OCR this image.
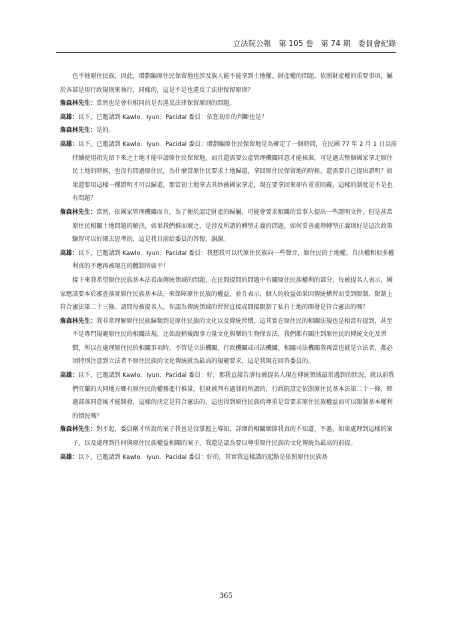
立法院公報　第 105 卷　第 74 期　委員會紀錄

色平地原住民族，因此，增劃編原住民保留地也涉及族人能不能拿到土地權、財產權的問題。依照財產權的重要事項，屬於各部是用行政規則來執行，同樣的，這是不是也違反了法律保留原則？

詹森林先生：當然也是會有相同的是否違反法律保留原則的問題。

高雄：以下，已邀請到 Kawlo．Iyun．Pacidal 委員：依您初步的判斷也是？

詹森林先生：是的。

高雄：以下，已邀請到 Kawlo．Iyun．Pacidal 委員：增劃編原住民保留地是為確定了一個時間，在民國 77 年 2 月 1 日以前持續使用祖先留下來之土地才能申請原住民保留地，而且還需要公產管理機關同意才能核准，可是過去整個國家拿走原住民土地的時候，也沒有問過原住民，為什麼當原住民要求土地歸還，拿回原住民保留地的時候，還需要自己提出證明？如果還要用這樣一種證明才可以歸還，那當初土地拿去其妙被國家拿走，現在要拿回來卻有重重阻礙，這樣的制度是不是也有問題？

詹森林先生：當然，依國家管理機關而言，為了便於認定財產的歸屬，可能會要求相關的當事人提出一些證明文件，但是甚當原住民相關土地問題的解決，如果我們推而廣之，是涉及所謂的轉型正義的問題，如何妥善處理轉型正義則好是這次政策驗智可以好細去思考的，這是我目前給委員的答復，謝謝。

高雄：以下，已邀請到 Kawlo．Iyun．Pacidal 委員：我想我可以代原住民族向一些聲音，原住民的土地權、自決權和很多權利真的不應再被現在的體制所扁平！

接下來我希望原住民族基本法看面傳統領域的問題，在民間提問的問題中有關原住民族權利的部分，每被提名人表示，國家應該要本於審查落實原住民族基本法，來保障原住民族的權益，並且表示，個人的收益如果因傳統構習而受到限制，限制上符合憲法第二十三條。請問每被提名人，你認為傳統領域的習習直接或間接限制了私有土地的開發是符合憲法的嗎？

詹森林先生：我非常理解原住民族歸類到是原住民族的文化以及傳統習慣，這其實在原住民的相關法規也是相當有提到，甚至不是專門規範原住民的相關法規，比如說稍後跟事力量文化與樂的生物保育法，我們都有關注到原住民的傳統文化及習慣，所以在處理原住民的相關事項時，不管是立法機關、行政機關或司法機關，相關司法機關我再當也就是立法者，都必須特別注意到立法者不原住民族的文化傳統就為最高的規範要求，這是我現在回答委員的。

高雄：以下，已邀請到 Kawlo．Iyun．Pacidal 委員：好，那我直接告訴每被提名人現在傳統領域最常遇到的狀況，就以前我們宜蘭的大同地方鄉有原住民的權務進行推量，但就被判有過罪的所謂的，行政院設定依照原住民基本法第二十一條，經過部落同意後才能開發，這樣的決定是符合憲法的，這也得到原住民族的尊重是當要求原住民族權益而可以限制基本權利的情況嗎？

詹森林先生：對不起，委員剛才所說的案子我也是沒掌握上導知，詳細的相關細節我真的不知道，不過，如果處理到這樣的案子，以及處理到任何與原住民族權益相關的案子，我還是認為要以尊重原住民族的文化傳統為最高的前提。

高雄：以下，已邀請到 Kawlo．Iyun．Pacidal 委員：好的，其實我這樣講的起點是依照原住民族基

365
